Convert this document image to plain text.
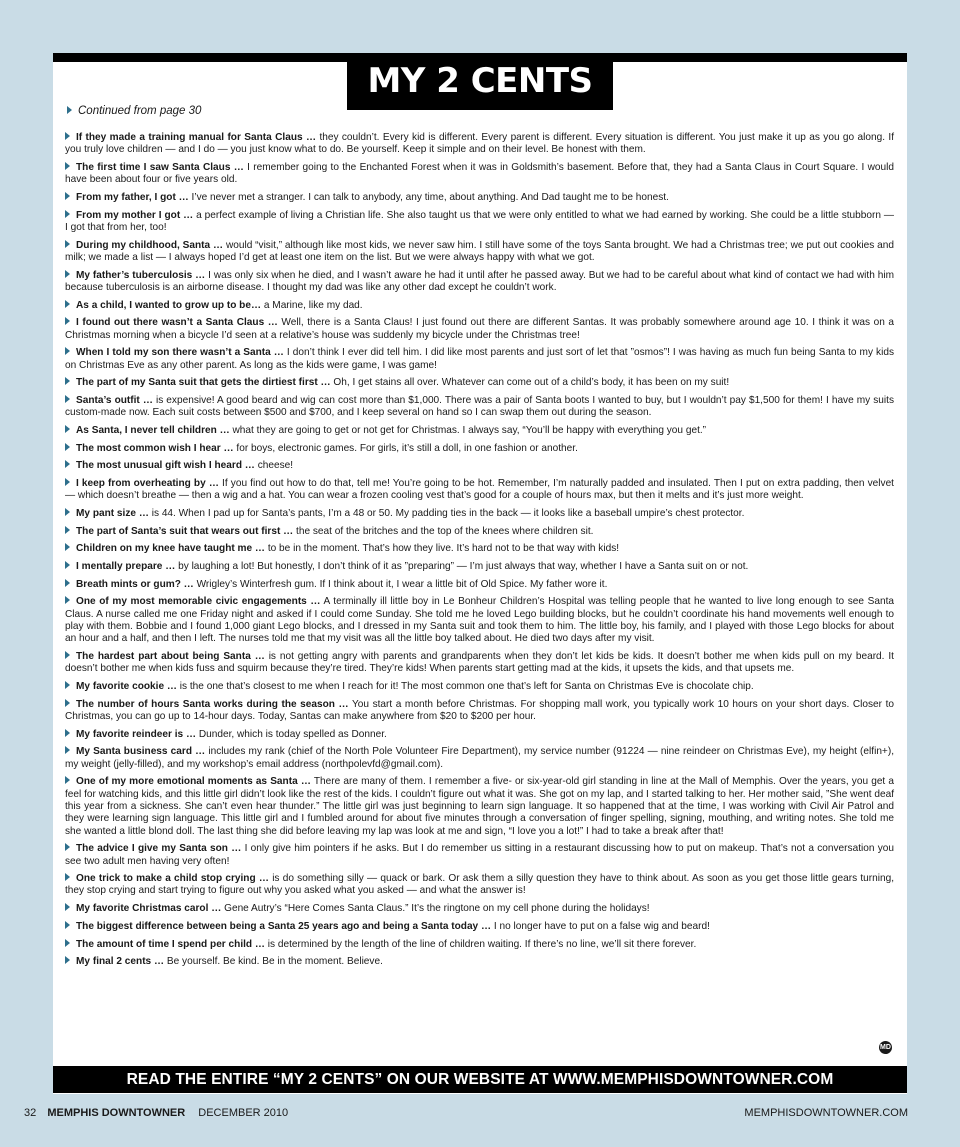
MY 2 CENTS
Continued from page 30

If they made a training manual for Santa Claus … they couldn’t. Every kid is different. Every parent is different. Every situation is different. You just make it up as you go along. If you truly love children — and I do — you just know what to do. Be yourself. Keep it simple and on their level. Be honest with them.

The first time I saw Santa Claus … I remember going to the Enchanted Forest when it was in Goldsmith’s basement. Before that, they had a Santa Claus in Court Square. I would have been about four or five years old.

From my father, I got … I’ve never met a stranger. I can talk to anybody, any time, about anything. And Dad taught me to be honest.

From my mother I got … a perfect example of living a Christian life. She also taught us that we were only entitled to what we had earned by working. She could be a little stubborn — I got that from her, too!

During my childhood, Santa … would “visit,” although like most kids, we never saw him. I still have some of the toys Santa brought. We had a Christmas tree; we put out cookies and milk; we made a list — I always hoped I’d get at least one item on the list. But we were always happy with what we got.

My father’s tuberculosis … I was only six when he died, and I wasn’t aware he had it until after he passed away. But we had to be careful about what kind of contact we had with him because tuberculosis is an airborne disease. I thought my dad was like any other dad except he couldn’t work.

As a child, I wanted to grow up to be… a Marine, like my dad.

I found out there wasn’t a Santa Claus … Well, there is a Santa Claus! I just found out there are different Santas. It was probably somewhere around age 10. I think it was on a Christmas morning when a bicycle I’d seen at a relative’s house was suddenly my bicycle under the Christmas tree!

When I told my son there wasn’t a Santa … I don’t think I ever did tell him. I did like most parents and just sort of let that ”osmos”! I was having as much fun being Santa to my kids on Christmas Eve as any other parent. As long as the kids were game, I was game!

The part of my Santa suit that gets the dirtiest first … Oh, I get stains all over. Whatever can come out of a child’s body, it has been on my suit!

Santa’s outfit … is expensive! A good beard and wig can cost more than $1,000. There was a pair of Santa boots I wanted to buy, but I wouldn’t pay $1,500 for them! I have my suits custom-made now. Each suit costs between $500 and $700, and I keep several on hand so I can swap them out during the season.

As Santa, I never tell children … what they are going to get or not get for Christmas. I always say, “You’ll be happy with everything you get.”

The most common wish I hear … for boys, electronic games. For girls, it’s still a doll, in one fashion or another.

The most unusual gift wish I heard … cheese!

I keep from overheating by … If you find out how to do that, tell me! You’re going to be hot. Remember, I’m naturally padded and insulated. Then I put on extra padding, then velvet — which doesn’t breathe — then a wig and a hat. You can wear a frozen cooling vest that’s good for a couple of hours max, but then it melts and it’s just more weight.

My pant size … is 44. When I pad up for Santa’s pants, I’m a 48 or 50. My padding ties in the back — it looks like a baseball umpire’s chest protector.

The part of Santa’s suit that wears out first … the seat of the britches and the top of the knees where children sit.

Children on my knee have taught me … to be in the moment. That’s how they live. It’s hard not to be that way with kids!

I mentally prepare … by laughing a lot! But honestly, I don’t think of it as ”preparing” — I’m just always that way, whether I have a Santa suit on or not.

Breath mints or gum? … Wrigley’s Winterfresh gum. If I think about it, I wear a little bit of Old Spice. My father wore it.

One of my most memorable civic engagements … A terminally ill little boy in Le Bonheur Children’s Hospital was telling people that he wanted to live long enough to see Santa Claus. A nurse called me one Friday night and asked if I could come Sunday. She told me he loved Lego building blocks, but he couldn’t coordinate his hand movements well enough to play with them. Bobbie and I found 1,000 giant Lego blocks, and I dressed in my Santa suit and took them to him. The little boy, his family, and I played with those Lego blocks for about an hour and a half, and then I left. The nurses told me that my visit was all the little boy talked about. He died two days after my visit.

The hardest part about being Santa … is not getting angry with parents and grandparents when they don’t let kids be kids. It doesn’t bother me when kids pull on my beard. It doesn’t bother me when kids fuss and squirm because they’re tired. They’re kids! When parents start getting mad at the kids, it upsets the kids, and that upsets me.

My favorite cookie … is the one that’s closest to me when I reach for it! The most common one that’s left for Santa on Christmas Eve is chocolate chip.

The number of hours Santa works during the season … You start a month before Christmas. For shopping mall work, you typically work 10 hours on your short days. Closer to Christmas, you can go up to 14-hour days. Today, Santas can make anywhere from $20 to $200 per hour.

My favorite reindeer is … Dunder, which is today spelled as Donner.

My Santa business card … includes my rank (chief of the North Pole Volunteer Fire Department), my service number (91224 — nine reindeer on Christmas Eve), my height (elfin+), my weight (jelly-filled), and my workshop’s email address (northpolevfd@gmail.com).

One of my more emotional moments as Santa … There are many of them. I remember a five- or six-year-old girl standing in line at the Mall of Memphis. Over the years, you get a feel for watching kids, and this little girl didn’t look like the rest of the kids. I couldn’t figure out what it was. She got on my lap, and I started talking to her. Her mother said, ”She went deaf this year from a sickness. She can’t even hear thunder.” The little girl was just beginning to learn sign language. It so happened that at the time, I was working with Civil Air Patrol and they were learning sign language. This little girl and I fumbled around for about five minutes through a conversation of finger spelling, signing, mouthing, and writing notes. She told me she wanted a little blond doll. The last thing she did before leaving my lap was look at me and sign, “I love you a lot!” I had to take a break after that!

The advice I give my Santa son … I only give him pointers if he asks. But I do remember us sitting in a restaurant discussing how to put on makeup. That’s not a conversation you see two adult men having very often!

One trick to make a child stop crying … is do something silly — quack or bark. Or ask them a silly question they have to think about. As soon as you get those little gears turning, they stop crying and start trying to figure out why you asked what you asked — and what the answer is!

My favorite Christmas carol … Gene Autry’s “Here Comes Santa Claus.” It’s the ringtone on my cell phone during the holidays!

The biggest difference between being a Santa 25 years ago and being a Santa today … I no longer have to put on a false wig and beard!

The amount of time I spend per child … is determined by the length of the line of children waiting. If there’s no line, we’ll sit there forever.

My final 2 cents … Be yourself. Be kind. Be in the moment. Believe.

MD
READ THE ENTIRE “MY 2 CENTS” ON OUR WEBSITE AT WWW.MEMPHISDOWNTOWNER.COM
32 MEMPHIS DOWNTOWNER DECEMBER 2010	MEMPHISDOWNTOWNER.COM
